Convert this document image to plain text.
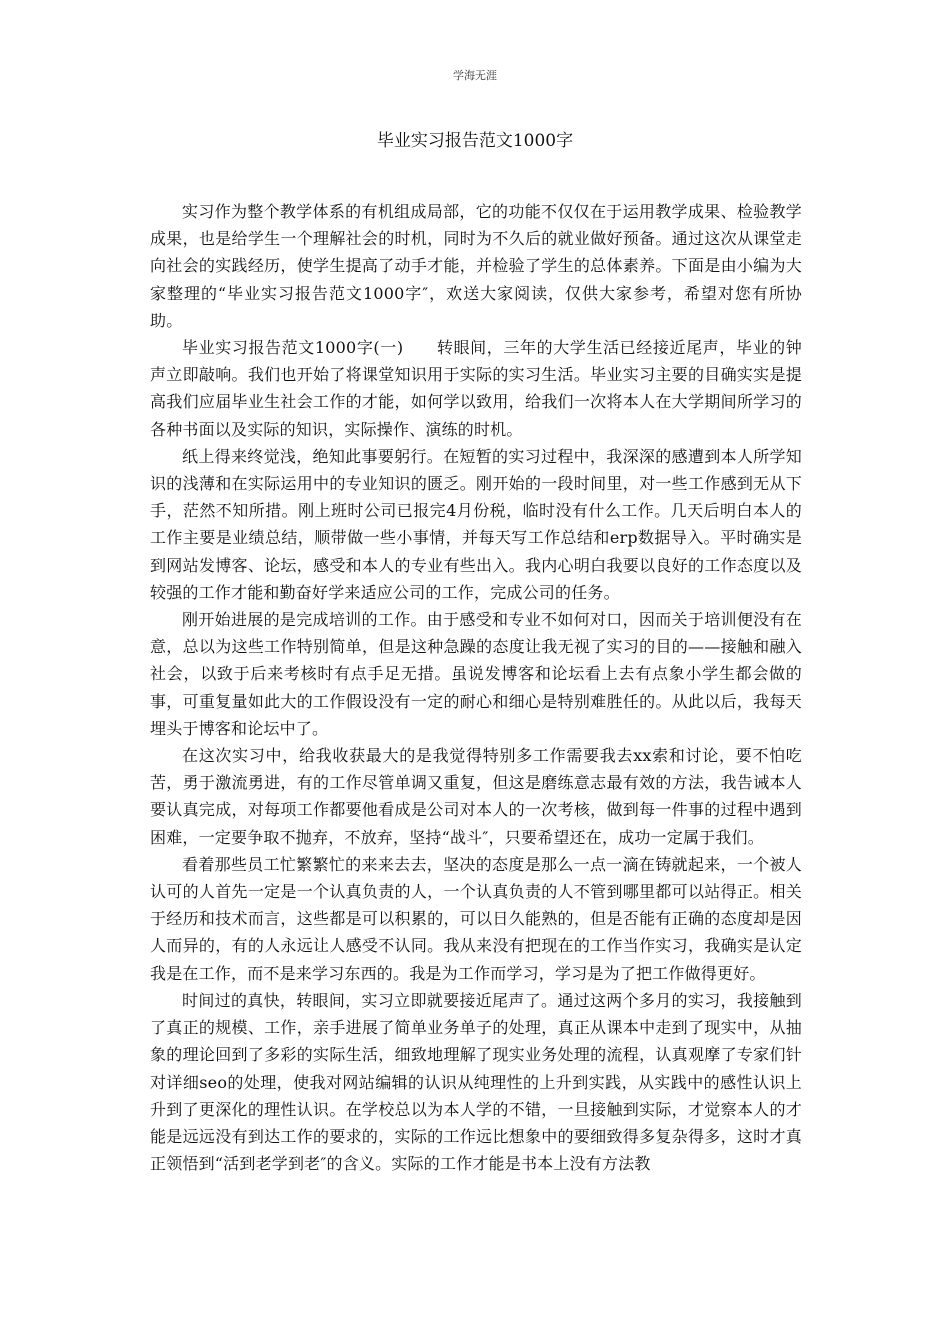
学海无涯
毕业实习报告范文1000字

实习作为整个教学体系的有机组成局部，它的功能不仅仅在于运用教学成果、检验教学成果，也是给学生一个理解社会的时机，同时为不久后的就业做好预备。通过这次从课堂走向社会的实践经历，使学生提高了动手才能，并检验了学生的总体素养。下面是由小编为大家整理的“毕业实习报告范文1000字″，欢送大家阅读，仅供大家参考，希望对您有所协助。

毕业实习报告范文1000字(一)　　转眼间，三年的大学生活已经接近尾声，毕业的钟声立即敲响。我们也开始了将课堂知识用于实际的实习生活。毕业实习主要的目确实实是提高我们应届毕业生社会工作的才能，如何学以致用，给我们一次将本人在大学期间所学习的各种书面以及实际的知识，实际操作、演练的时机。

纸上得来终觉浅，绝知此事要躬行。在短暂的实习过程中，我深深的感遭到本人所学知识的浅薄和在实际运用中的专业知识的匮乏。刚开始的一段时间里，对一些工作感到无从下手，茫然不知所措。刚上班时公司已报完4月份税，临时没有什么工作。几天后明白本人的工作主要是业绩总结，顺带做一些小事情，并每天写工作总结和erp数据导入。平时确实是到网站发博客、论坛，感受和本人的专业有些出入。我内心明白我要以良好的工作态度以及较强的工作才能和勤奋好学来适应公司的工作，完成公司的任务。

刚开始进展的是完成培训的工作。由于感受和专业不如何对口，因而关于培训便没有在意，总以为这些工作特别简单，但是这种急躁的态度让我无视了实习的目的——接触和融入社会，以致于后来考核时有点手足无措。虽说发博客和论坛看上去有点象小学生都会做的事，可重复量如此大的工作假设没有一定的耐心和细心是特别难胜任的。从此以后，我每天埋头于博客和论坛中了。

在这次实习中，给我收获最大的是我觉得特别多工作需要我去xx索和讨论，要不怕吃苦，勇于激流勇进，有的工作尽管单调又重复，但这是磨练意志最有效的方法，我告诫本人要认真完成，对每项工作都要他看成是公司对本人的一次考核，做到每一件事的过程中遇到困难，一定要争取不抛弃，不放弃，坚持“战斗″，只要希望还在，成功一定属于我们。

看着那些员工忙繁繁忙的来来去去，坚决的态度是那么一点一滴在铸就起来，一个被人认可的人首先一定是一个认真负责的人，一个认真负责的人不管到哪里都可以站得正。相关于经历和技术而言，这些都是可以积累的，可以日久能熟的，但是否能有正确的态度却是因人而异的，有的人永远让人感受不认同。我从来没有把现在的工作当作实习，我确实是认定我是在工作，而不是来学习东西的。我是为工作而学习，学习是为了把工作做得更好。

时间过的真快，转眼间，实习立即就要接近尾声了。通过这两个多月的实习，我接触到了真正的规模、工作，亲手进展了简单业务单子的处理，真正从课本中走到了现实中，从抽象的理论回到了多彩的实际生活，细致地理解了现实业务处理的流程，认真观摩了专家们针对详细seo的处理，使我对网站编辑的认识从纯理性的上升到实践，从实践中的感性认识上升到了更深化的理性认识。在学校总以为本人学的不错，一旦接触到实际，才觉察本人的才能是远远没有到达工作的要求的，实际的工作远比想象中的要细致得多复杂得多，这时才真正领悟到“活到老学到老″的含义。实际的工作才能是书本上没有方法教
